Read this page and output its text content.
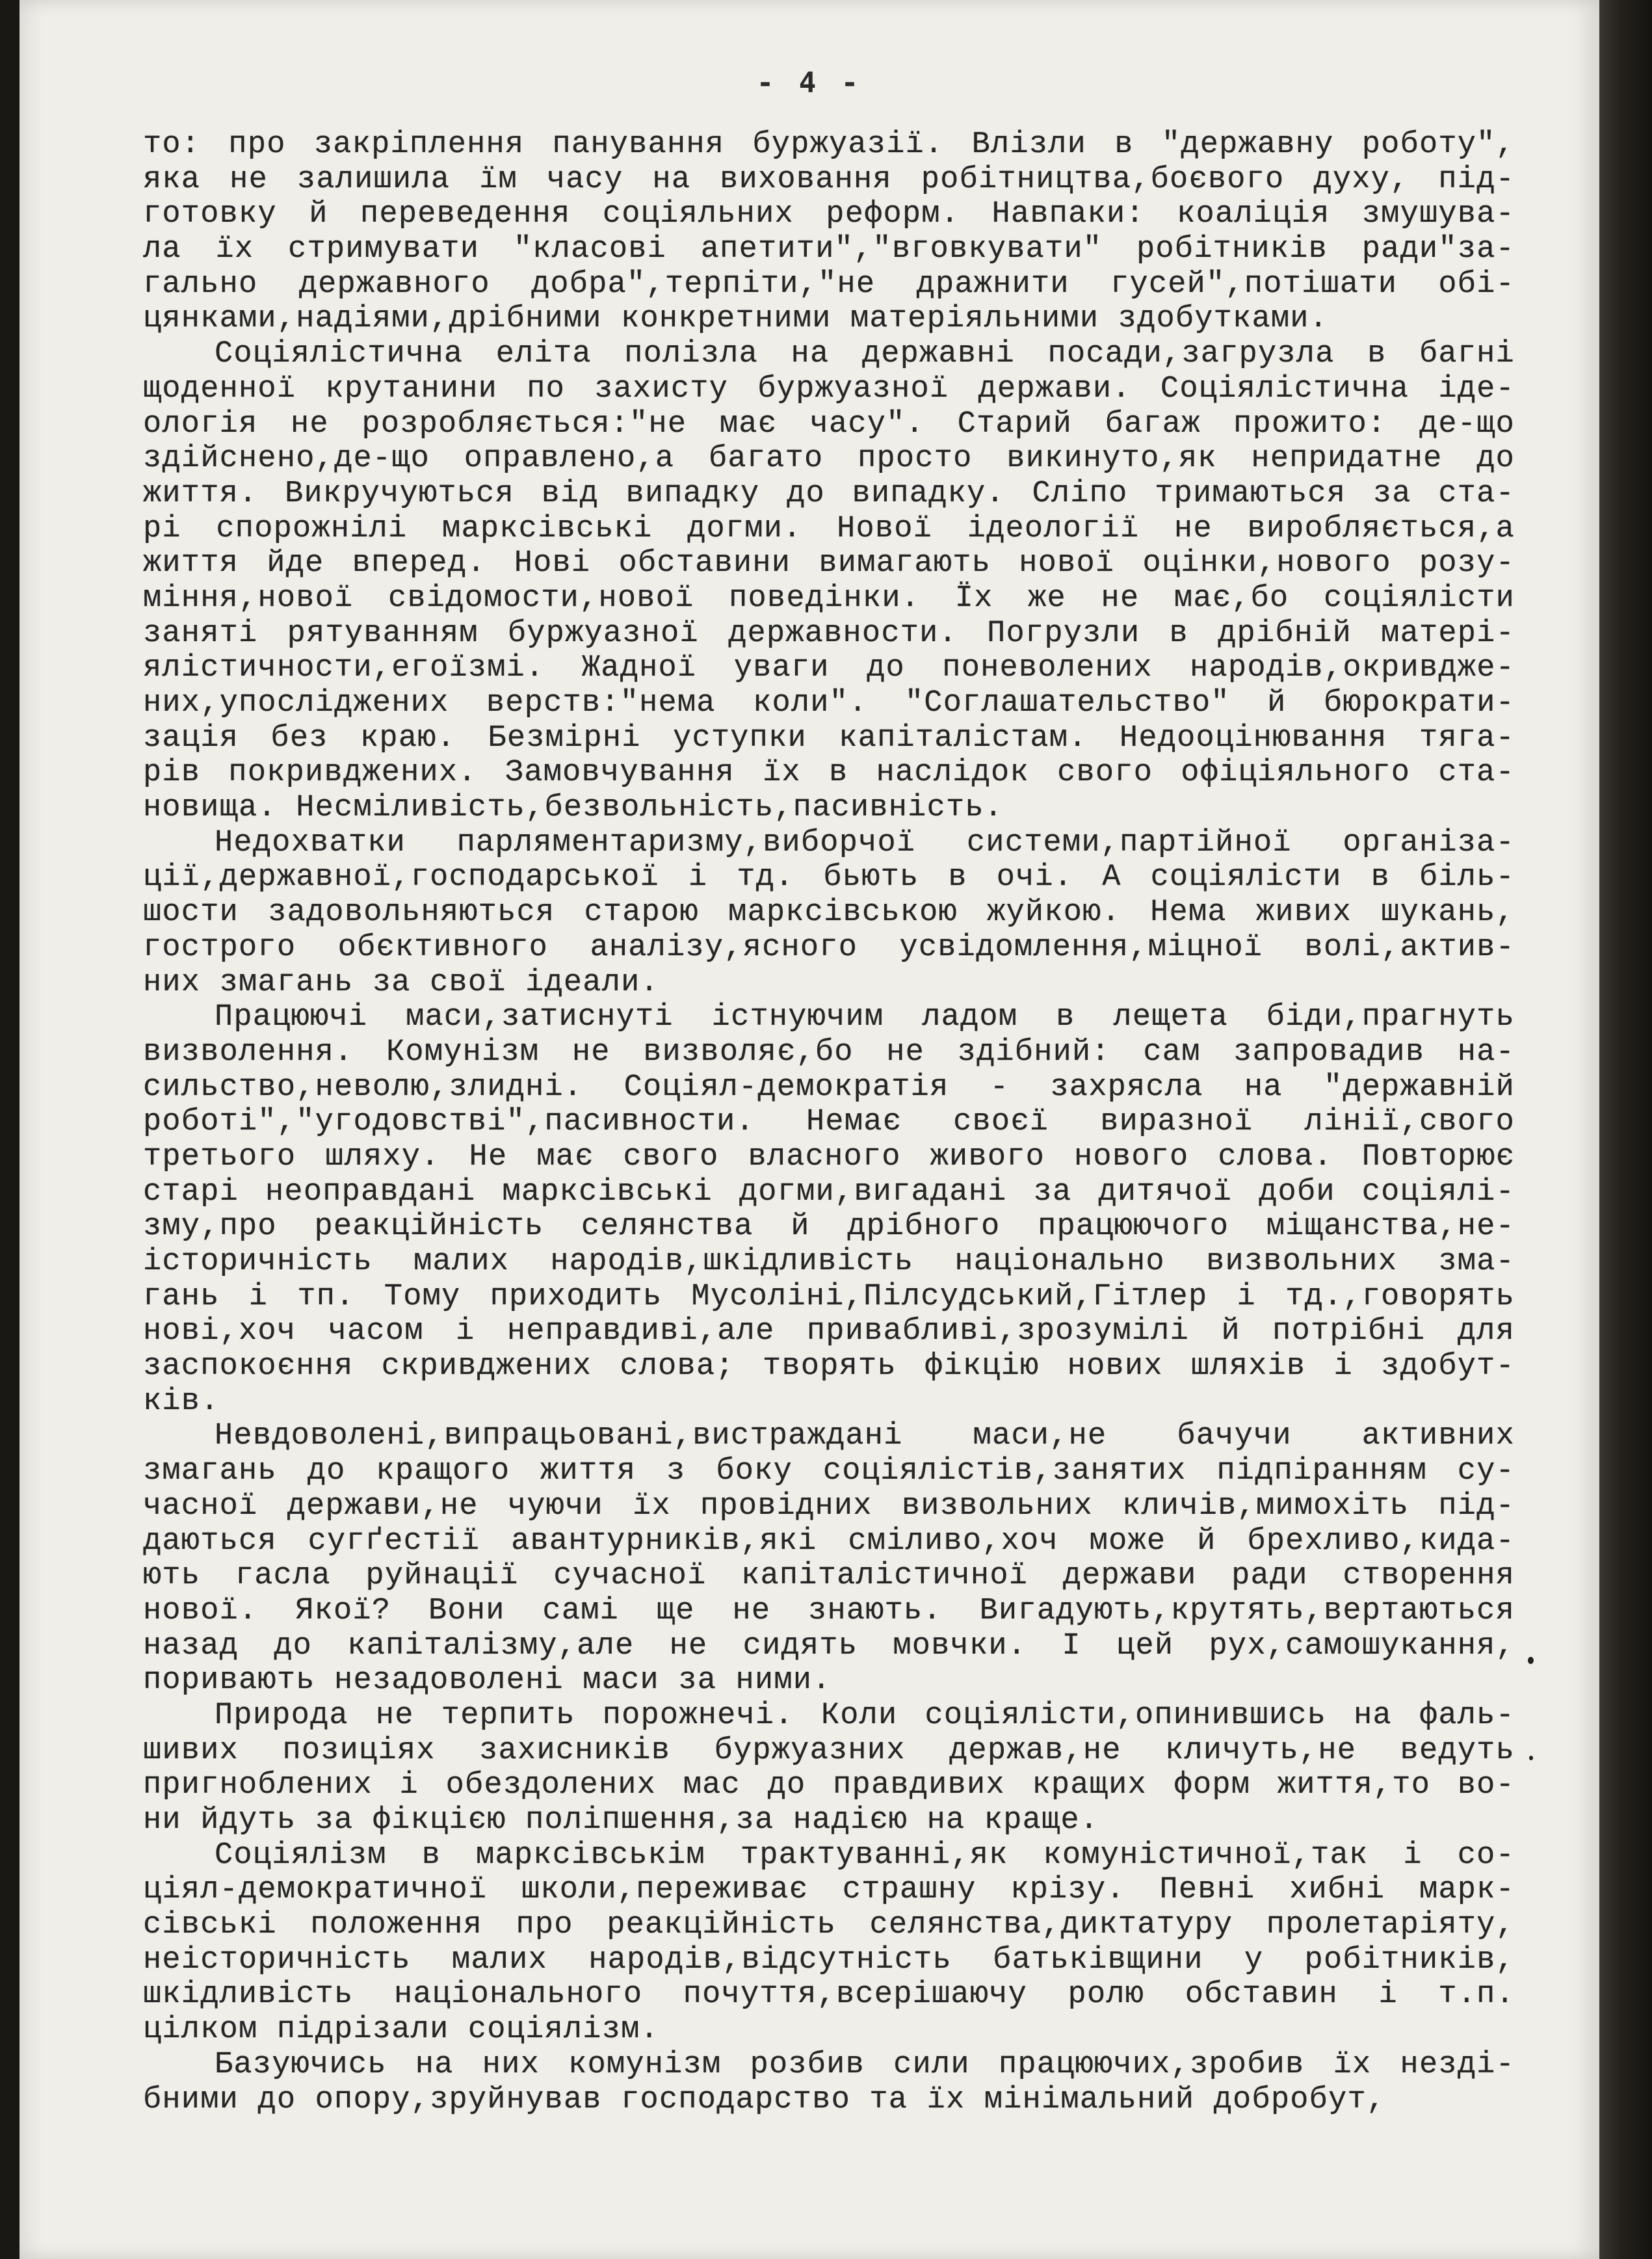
- 4 -
то: про закріплення панування буржуазії. Влізли в "державну роботу",
яка не залишила їм часу на виховання робітництва,боєвого духу, під-
готовку й переведення соціяльних реформ. Навпаки: коаліція змушува-
ла їх стримувати "класові апетити","вговкувати" робітників ради"за-
гально державного добра",терпіти,"не дражнити гусей",потішати обі-
цянками,надіями,дрібними конкретними матеріяльними здобутками.
Соціялістична еліта полізла на державні посади,загрузла в багні
щоденної крутанини по захисту буржуазної держави. Соціялістична іде-
ологія не розробляється:"не має часу". Старий багаж прожито: де-що
здійснено,де-що оправлено,а багато просто викинуто,як непридатне до
життя. Викручуються від випадку до випадку. Сліпо тримаються за ста-
рі спорожнілі марксівські догми. Нової ідеології не виробляється,а
життя йде вперед. Нові обставини вимагають нової оцінки,нового розу-
міння,нової свідомости,нової поведінки. Їх же не має,бо соціялісти
заняті рятуванням буржуазної державности. Погрузли в дрібній матері-
ялістичности,егоїзмі. Жадної уваги до поневолених народів,окривдже-
них,упосліджених верств:"нема коли". "Соглашательство" й бюрократи-
зація без краю. Безмірні уступки капіталістам. Недооцінювання тяга-
рів покривджених. Замовчування їх в наслідок свого офіціяльного ста-
новища. Несміливість,безвольність,пасивність.
Недохватки парляментаризму,виборчої системи,партійної організа-
ції,державної,господарської і тд. бьють в очі. А соціялісти в біль-
шости задовольняються старою марксівською жуйкою. Нема живих шукань,
гострого обєктивного аналізу,ясного усвідомлення,міцної волі,актив-
них змагань за свої ідеали.
Працюючі маси,затиснуті істнуючим ладом в лещета біди,прагнуть
визволення. Комунізм не визволяє,бо не здібний: сам запровадив на-
сильство,неволю,злидні. Соціял-демократія - захрясла на "державній
роботі","угодовстві",пасивности. Немає своєї виразної лінії,свого
третього шляху. Не має свого власного живого нового слова. Повторює
старі неоправдані марксівські догми,вигадані за дитячої доби соціялі-
зму,про реакційність селянства й дрібного працюючого міщанства,не-
історичність малих народів,шкідливість національно визвольних зма-
гань і тп. Тому приходить Мусоліні,Пілсудський,Гітлер і тд.,говорять
нові,хоч часом і неправдиві,але привабливі,зрозумілі й потрібні для
заспокоєння скривджених слова; творять фікцію нових шляхів і здобут-
ків.
Невдоволені,випрацьовані,вистраждані маси,не бачучи активних
змагань до кращого життя з боку соціялістів,занятих підпіранням су-
часної держави,не чуючи їх провідних визвольних кличів,мимохіть під-
даються сугґестії авантурників,які сміливо,хоч може й брехливо,кида-
ють гасла руйнації сучасної капіталістичної держави ради створення
нової. Якої? Вони самі ще не знають. Вигадують,крутять,вертаються
назад до капіталізму,але не сидять мовчки. І цей рух,самошукання,
поривають незадоволені маси за ними.
Природа не терпить порожнечі. Коли соціялісти,опинившись на фаль-
шивих позиціях захисників буржуазних держав,не кличуть,не ведуть
пригноблених і обездолених мас до правдивих кращих форм життя,то во-
ни йдуть за фікцією поліпшення,за надією на краще.
Соціялізм в марксівськім трактуванні,як комуністичної,так і со-
ціял-демократичної школи,переживає страшну крізу. Певні хибні марк-
сівські положення про реакційність селянства,диктатуру пролетаріяту,
неісторичність малих народів,відсутність батьківщини у робітників,
шкідливість національного почуття,всерішаючу ролю обставин і т.п.
цілком підрізали соціялізм.
Базуючись на них комунізм розбив сили працюючих,зробив їх нездi-
бними до опору,зруйнував господарство та їх мінімальний добробут,
